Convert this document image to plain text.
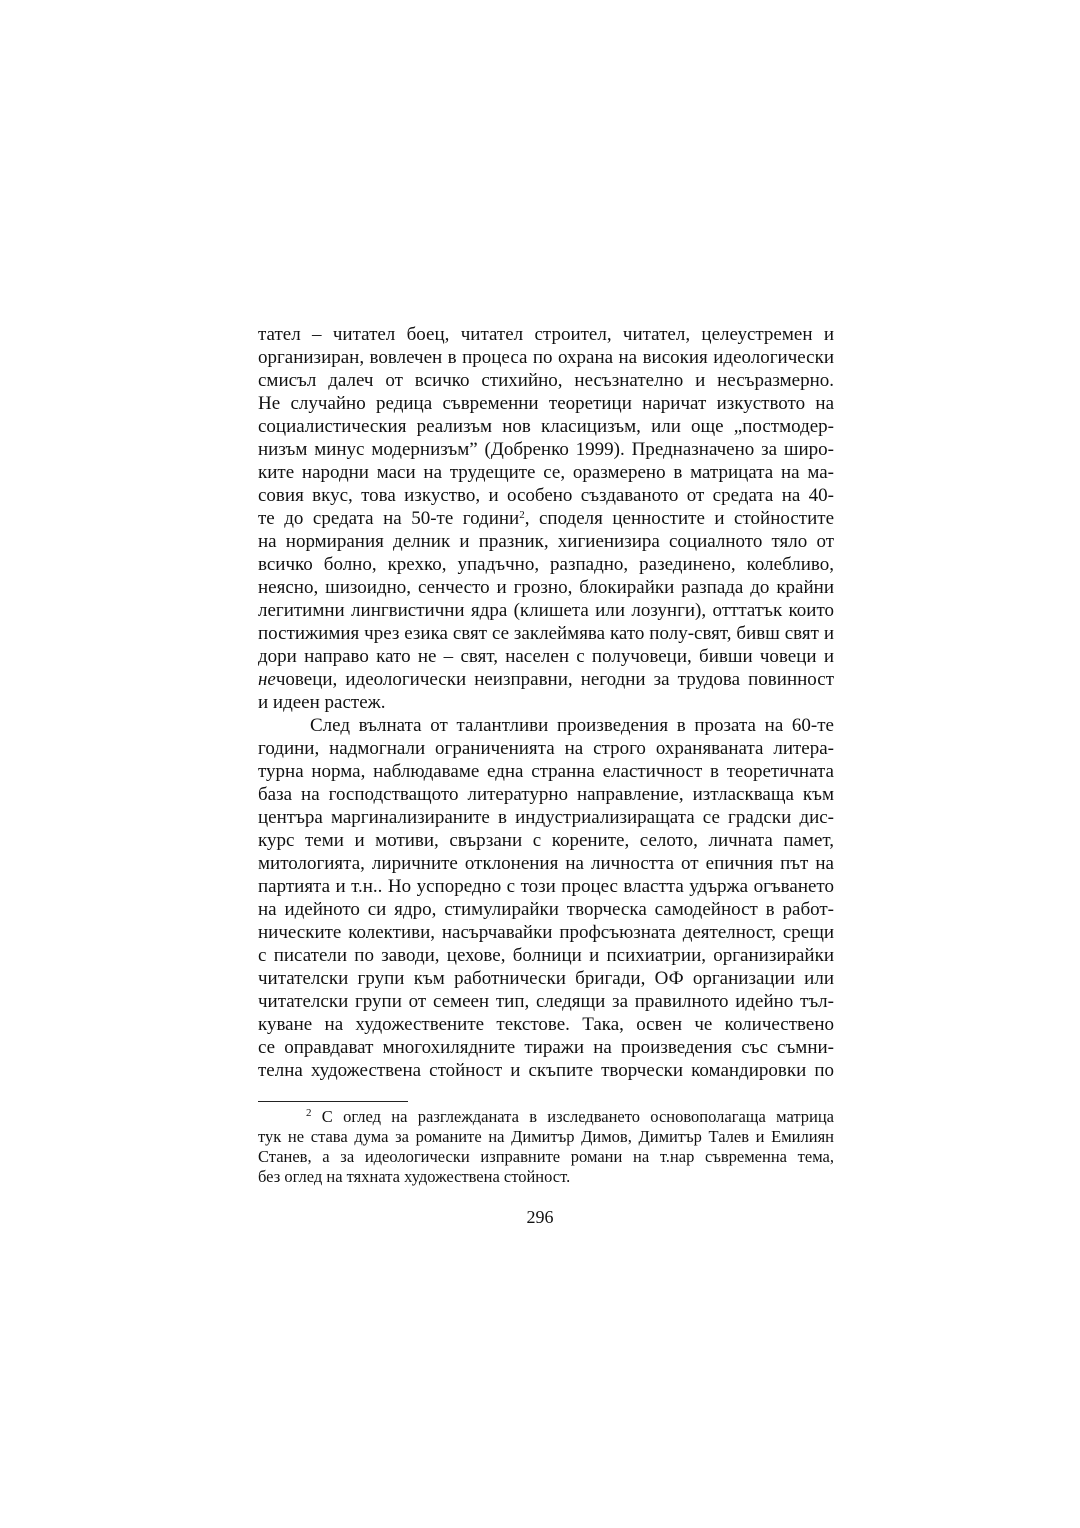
тател – читател боец, читател строител, читател, целеустремен и
организиран, вовлечен в процеса по охрана на високия идеологически
смисъл далеч от всичко стихийно, несъзнателно и несъразмерно.
Не случайно редица съвременни теоретици наричат изкуството на
социалистическия реализъм нов класицизъм, или още „постмодер-
низъм минус модернизъм” (Добренко 1999). Предназначено за широ-
ките народни маси на трудещите се, оразмерено в матрицата на ма-
совия вкус, това изкуство, и особено създаваното от средата на 40-
те до средата на 50-те години$^2$, споделя ценностите и стойностите
на нормирания делник и празник, хигиенизира социалното тяло от
всичко болно, крехко, упадъчно, разпадно, разединено, колебливо,
неясно, шизоидно, сенчесто и грозно, блокирайки разпада до крайни
легитимни лингвистични ядра (клишета или лозунги), отттатък които
постижимия чрез езика свят се заклеймява като полу-свят, бивш свят и
дори направо като не – свят, населен с получовеци, бивши човеци и
нечовеци, идеологически неизправни, негодни за трудова повинност
и идеен растеж.
След вълната от талантливи произведения в прозата на 60-те
години, надмогнали ограниченията на строго охраняваната литера-
турна норма, наблюдаваме една странна еластичност в теоретичната
база на господстващото литературно направление, изтласкваща към
центъра маргинализираните в индустриализиращата се градски дис-
курс теми и мотиви, свързани с корените, селото, личната памет,
митологията, лиричните отклонения на личността от епичния път на
партията и т.н.. Но успоредно с този процес властта удържа огъването
на идейното си ядро, стимулирайки творческа самодейност в работ-
ническите колективи, насърчавайки профсъюзната деятелност, срещи
с писатели по заводи, цехове, болници и психиатрии, организирайки
читателски групи към работнически бригади, ОФ организации или
читателски групи от семеен тип, следящи за правилното идейно тъл-
куване на художествените текстове. Така, освен че количествено
се оправдават многохилядните тиражи на произведения със съмни-
телна художествена стойност и скъпите творчески командировки по
$^2$ С оглед на разглежданата в изследването основополагаща матрица
тук не става дума за романите на Димитър Димов, Димитър Талев и Емилиян
Станев, а за идеологически изправните романи на т.нар съвременна тема,
без оглед на тяхната художествена стойност.
296
